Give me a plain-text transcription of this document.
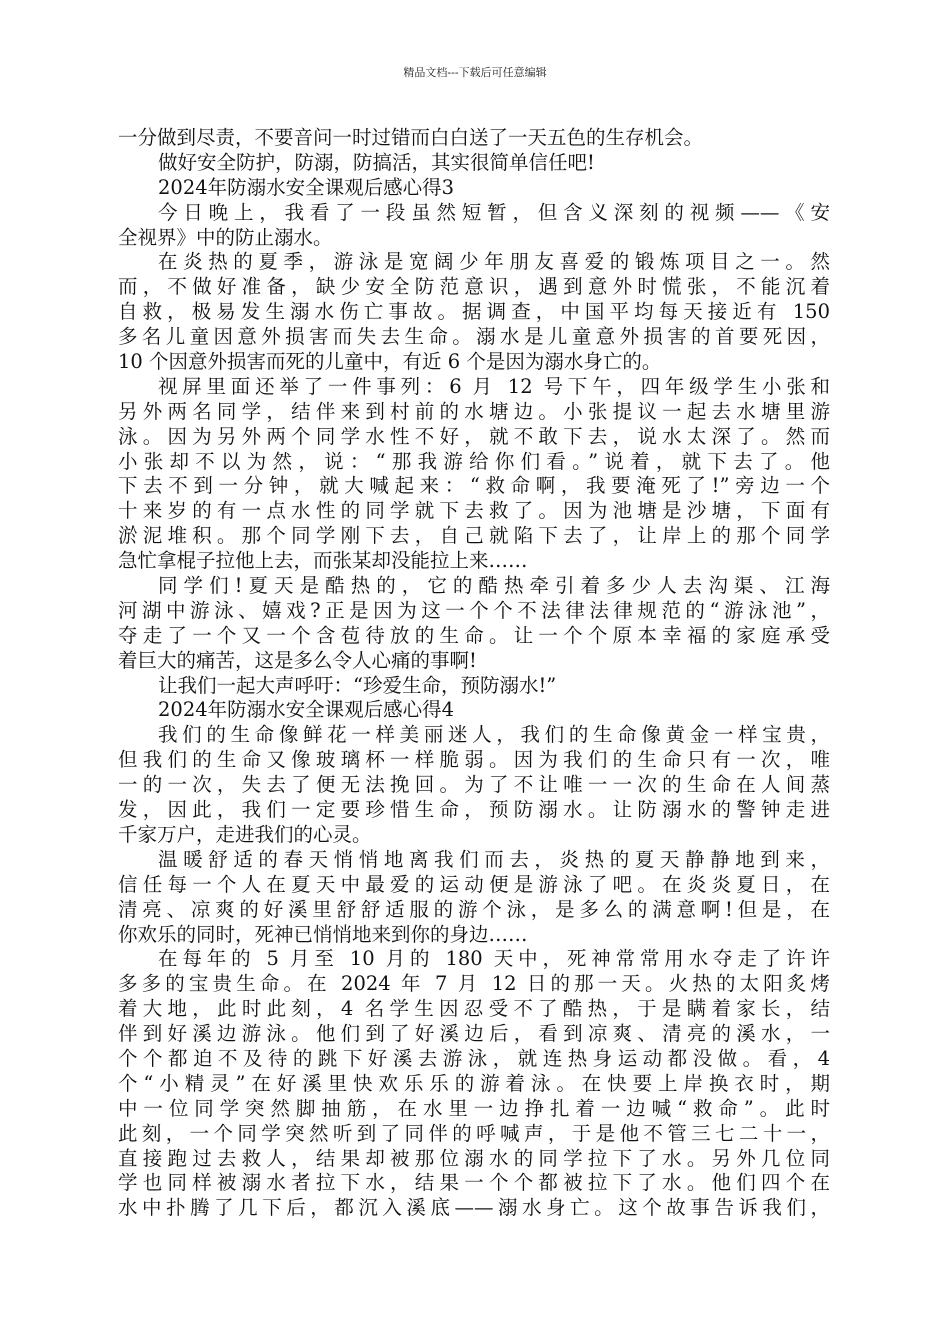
精品文档---下载后可任意编辑
一分做到尽责，不要音问一时过错而白白送了一天五色的生存机会。
做好安全防护，防溺，防搞活，其实很简单信任吧!
2024年防溺水安全课观后感心得3
今日晚上，我看了一段虽然短暂，但含义深刻的视频——《安
全视界》中的防止溺水。
在炎热的夏季，游泳是宽阔少年朋友喜爱的锻炼项目之一。然
而，不做好准备，缺少安全防范意识，遇到意外时慌张，不能沉着
自救，极易发生溺水伤亡事故。据调查，中国平均每天接近有 150
多名儿童因意外损害而失去生命。溺水是儿童意外损害的首要死因，
10 个因意外损害而死的儿童中，有近 6 个是因为溺水身亡的。
视屏里面还举了一件事列：6 月 12 号下午，四年级学生小张和
另外两名同学，结伴来到村前的水塘边。小张提议一起去水塘里游
泳。因为另外两个同学水性不好，就不敢下去，说水太深了。然而
小张却不以为然，说：“那我游给你们看。”说着，就下去了。他
下去不到一分钟，就大喊起来：“救命啊，我要淹死了!”旁边一个
十来岁的有一点水性的同学就下去救了。因为池塘是沙塘，下面有
淤泥堆积。那个同学刚下去，自己就陷下去了，让岸上的那个同学
急忙拿棍子拉他上去，而张某却没能拉上来……
同学们!夏天是酷热的，它的酷热牵引着多少人去沟渠、江海
河湖中游泳、嬉戏?正是因为这一个个不法律法律规范的“游泳池”，
夺走了一个又一个含苞待放的生命。让一个个原本幸福的家庭承受
着巨大的痛苦，这是多么令人心痛的事啊!
让我们一起大声呼吁：“珍爱生命，预防溺水!”
2024年防溺水安全课观后感心得4
我们的生命像鲜花一样美丽迷人，我们的生命像黄金一样宝贵，
但我们的生命又像玻璃杯一样脆弱。因为我们的生命只有一次，唯
一的一次，失去了便无法挽回。为了不让唯一一次的生命在人间蒸
发，因此，我们一定要珍惜生命，预防溺水。让防溺水的警钟走进
千家万户，走进我们的心灵。
温暖舒适的春天悄悄地离我们而去，炎热的夏天静静地到来，
信任每一个人在夏天中最爱的运动便是游泳了吧。在炎炎夏日，在
清亮、凉爽的好溪里舒舒适服的游个泳，是多么的满意啊!但是，在
你欢乐的同时，死神已悄悄地来到你的身边……
在每年的 5 月至 10 月的 180 天中，死神常常用水夺走了许许
多多的宝贵生命。在 2024 年 7 月 12 日的那一天。火热的太阳炙烤
着大地，此时此刻，4 名学生因忍受不了酷热，于是瞒着家长，结
伴到好溪边游泳。他们到了好溪边后，看到凉爽、清亮的溪水，一
个个都迫不及待的跳下好溪去游泳，就连热身运动都没做。看，4
个“小精灵”在好溪里快欢乐乐的游着泳。在快要上岸换衣时，期
中一位同学突然脚抽筋，在水里一边挣扎着一边喊“救命”。此时
此刻，一个同学突然听到了同伴的呼喊声，于是他不管三七二十一，
直接跑过去救人，结果却被那位溺水的同学拉下了水。另外几位同
学也同样被溺水者拉下水，结果一个个都被拉下了水。他们四个在
水中扑腾了几下后，都沉入溪底——溺水身亡。这个故事告诉我们，
